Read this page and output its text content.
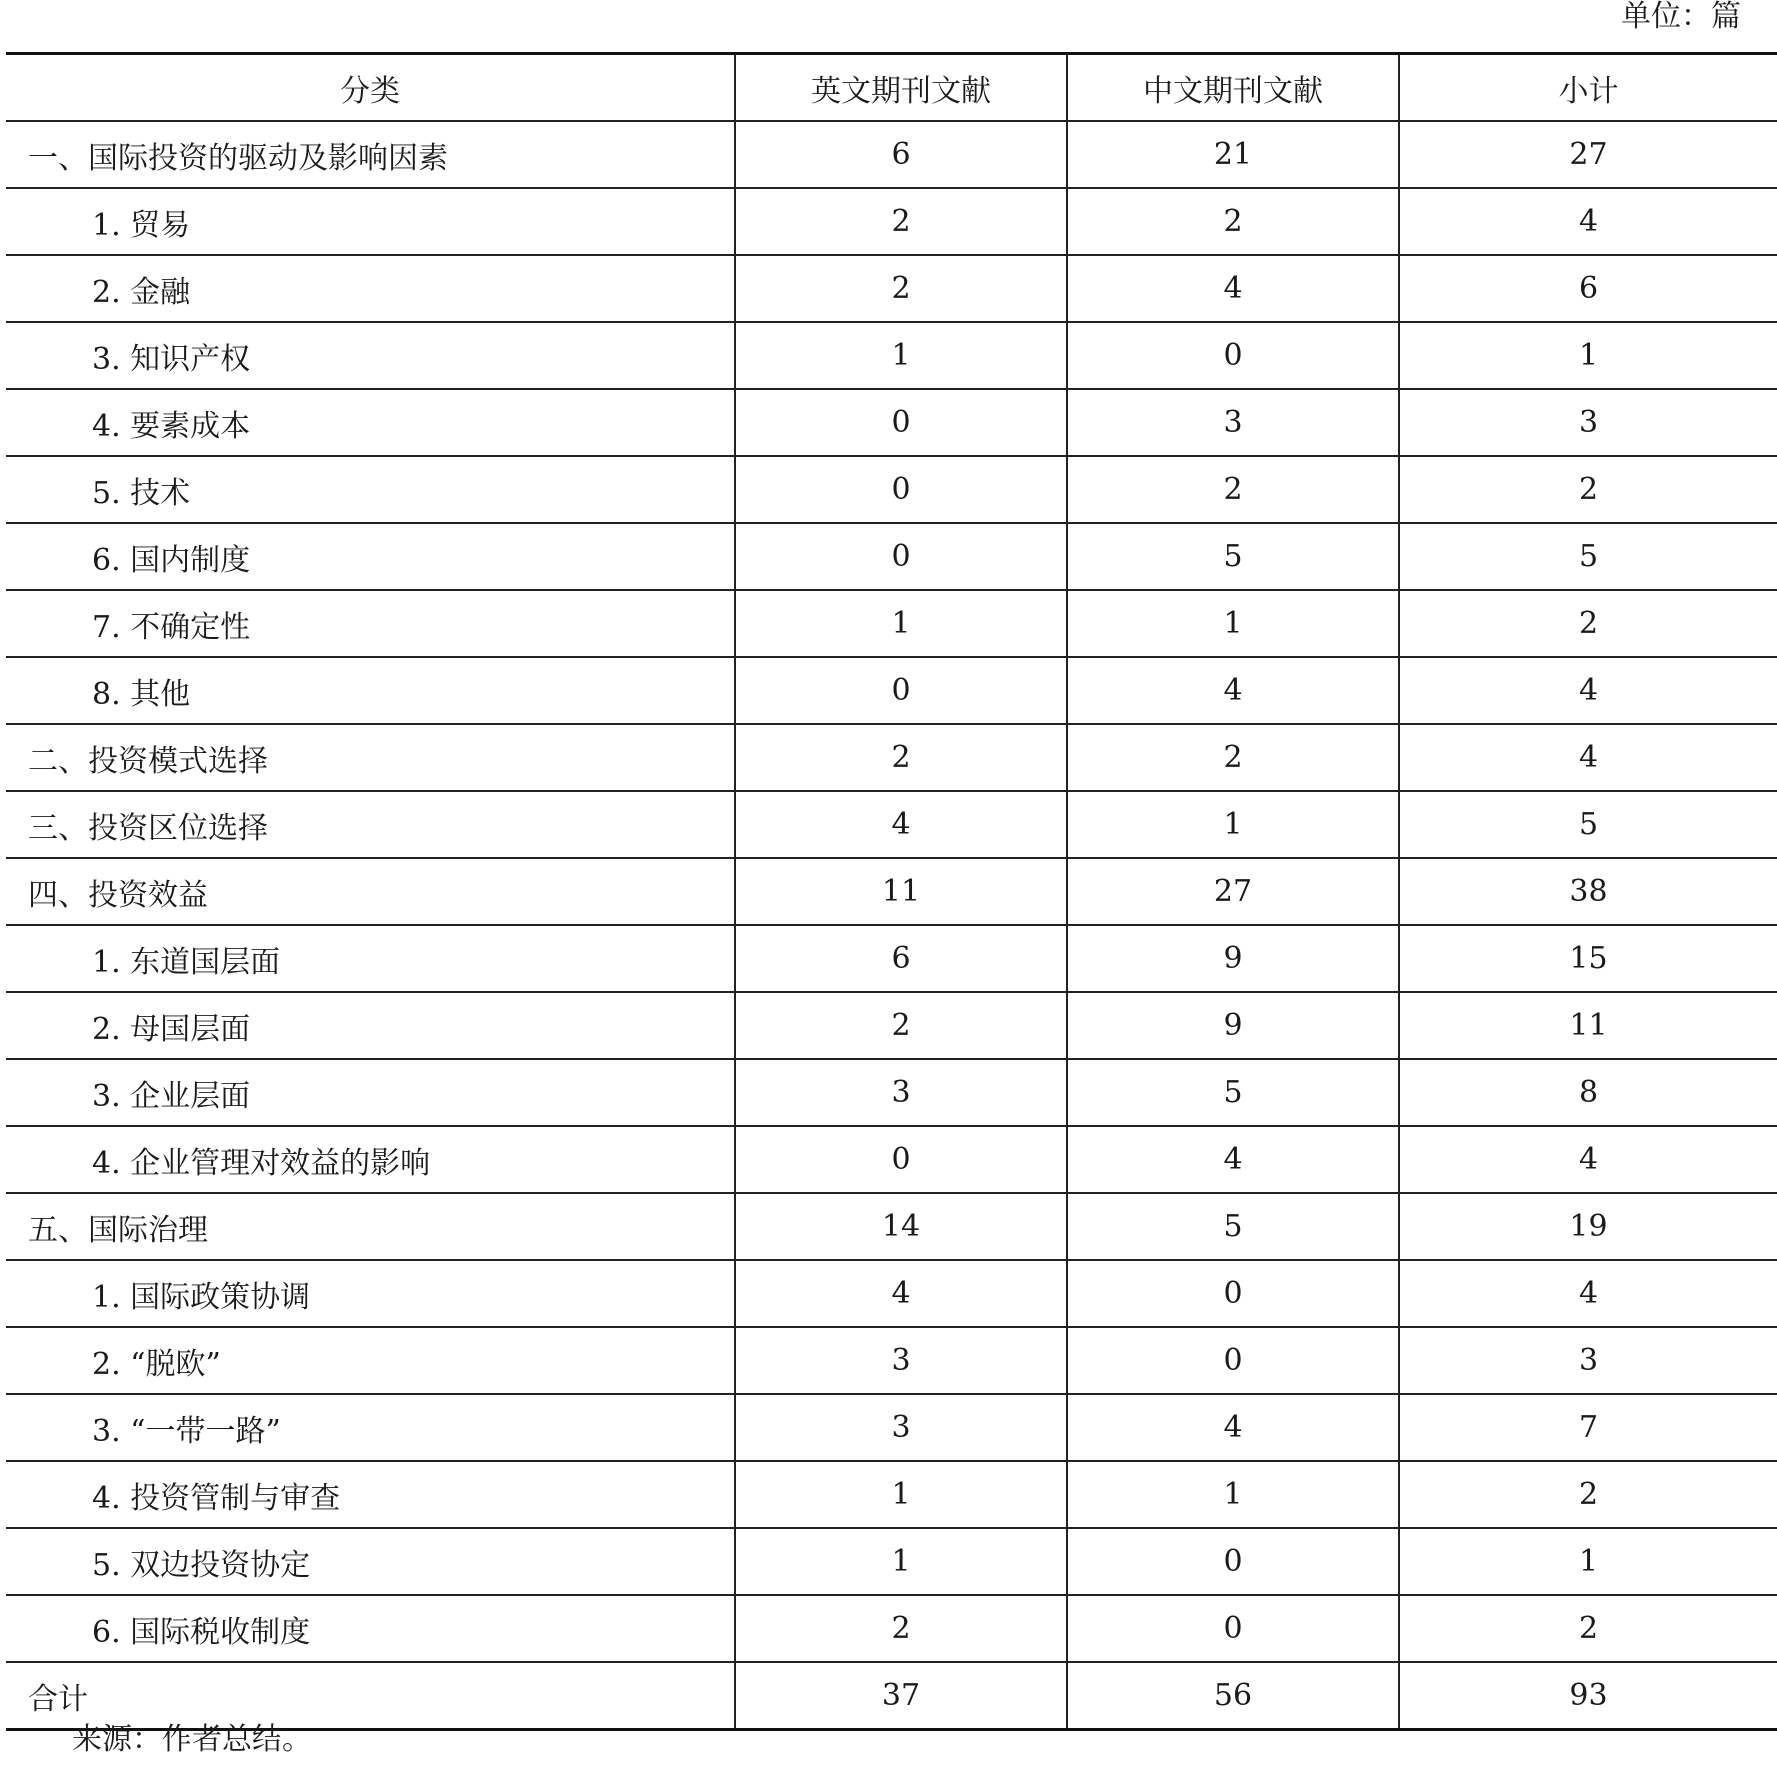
单位：篇
分类	英文期刊文献	中文期刊文献	小计
一、国际投资的驱动及影响因素	6	21	27
1. 贸易	2	2	4
2. 金融	2	4	6
3. 知识产权	1	0	1
4. 要素成本	0	3	3
5. 技术	0	2	2
6. 国内制度	0	5	5
7. 不确定性	1	1	2
8. 其他	0	4	4
二、投资模式选择	2	2	4
三、投资区位选择	4	1	5
四、投资效益	11	27	38
1. 东道国层面	6	9	15
2. 母国层面	2	9	11
3. 企业层面	3	5	8
4. 企业管理对效益的影响	0	4	4
五、国际治理	14	5	19
1. 国际政策协调	4	0	4
2. “脱欧”	3	0	3
3. “一带一路”	3	4	7
4. 投资管制与审查	1	1	2
5. 双边投资协定	1	0	1
6. 国际税收制度	2	0	2
合计	37	56	93
来源：作者总结。
